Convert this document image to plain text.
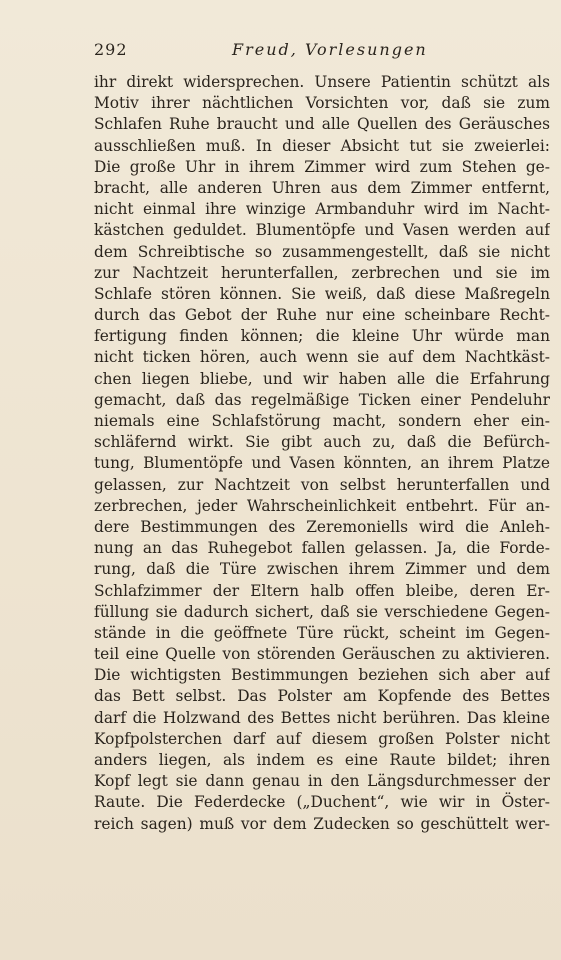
292	Freud, Vorlesungen
ihr direkt widersprechen. Unsere Patientin schützt als
Motiv ihrer nächtlichen Vorsichten vor, daß sie zum
Schlafen Ruhe braucht und alle Quellen des Geräusches
ausschließen muß. In dieser Absicht tut sie zweierlei:
Die große Uhr in ihrem Zimmer wird zum Stehen ge-
bracht, alle anderen Uhren aus dem Zimmer entfernt,
nicht einmal ihre winzige Armbanduhr wird im Nacht-
kästchen geduldet. Blumentöpfe und Vasen werden auf
dem Schreibtische so zusammengestellt, daß sie nicht
zur Nachtzeit herunterfallen, zerbrechen und sie im
Schlafe stören können. Sie weiß, daß diese Maßregeln
durch das Gebot der Ruhe nur eine scheinbare Recht-
fertigung finden können; die kleine Uhr würde man
nicht ticken hören, auch wenn sie auf dem Nachtkäst-
chen liegen bliebe, und wir haben alle die Erfahrung
gemacht, daß das regelmäßige Ticken einer Pendeluhr
niemals eine Schlafstörung macht, sondern eher ein-
schläfernd wirkt. Sie gibt auch zu, daß die Befürch-
tung, Blumentöpfe und Vasen könnten, an ihrem Platze
gelassen, zur Nachtzeit von selbst herunterfallen und
zerbrechen, jeder Wahrscheinlichkeit entbehrt. Für an-
dere Bestimmungen des Zeremoniells wird die Anleh-
nung an das Ruhegebot fallen gelassen. Ja, die Forde-
rung, daß die Türe zwischen ihrem Zimmer und dem
Schlafzimmer der Eltern halb offen bleibe, deren Er-
füllung sie dadurch sichert, daß sie verschiedene Gegen-
stände in die geöffnete Türe rückt, scheint im Gegen-
teil eine Quelle von störenden Geräuschen zu aktivieren.
Die wichtigsten Bestimmungen beziehen sich aber auf
das Bett selbst. Das Polster am Kopfende des Bettes
darf die Holzwand des Bettes nicht berühren. Das kleine
Kopfpolsterchen darf auf diesem großen Polster nicht
anders liegen, als indem es eine Raute bildet; ihren
Kopf legt sie dann genau in den Längsdurchmesser der
Raute. Die Federdecke („Duchent“, wie wir in Öster-
reich sagen) muß vor dem Zudecken so geschüttelt wer-
